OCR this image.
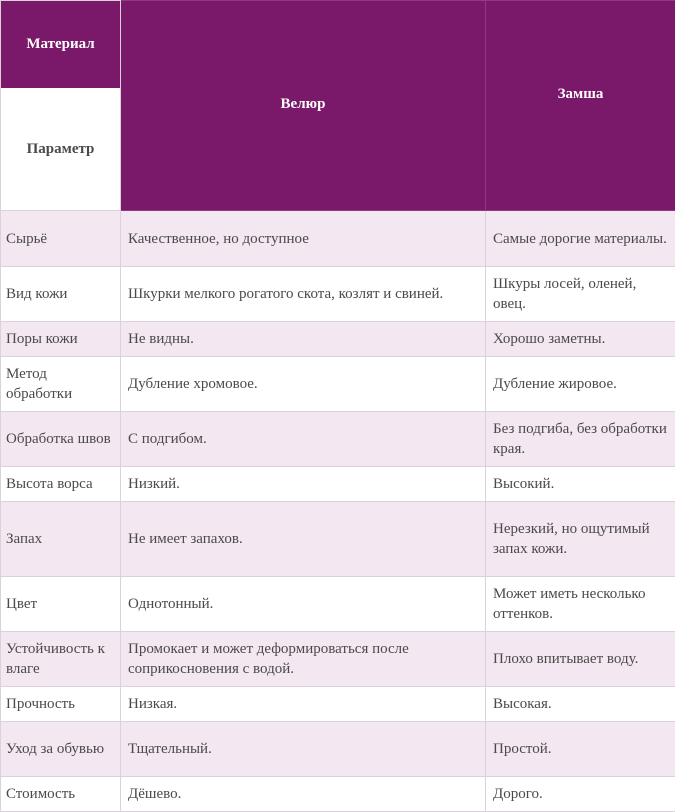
Материал
Параметр	Велюр	Замша
Сырьё	Качественное, но доступное	Самые дорогие материалы.
Вид кожи	Шкурки мелкого рогатого скота, козлят и свиней.	Шкуры лосей, оленей, овец.
Поры кожи	Не видны.	Хорошо заметны.
Метод обработки	Дубление хромовое.	Дубление жировое.
Обработка швов	С подгибом.	Без подгиба, без обработки края.
Высота ворса	Низкий.	Высокий.
Запах	Не имеет запахов.	Нерезкий, но ощутимый запах кожи.
Цвет	Однотонный.	Может иметь несколько оттенков.
Устойчивость к влаге	Промокает и может деформироваться после соприкосновения с водой.	Плохо впитывает воду.
Прочность	Низкая.	Высокая.
Уход за обувью	Тщательный.	Простой.
Стоимость	Дёшево.	Дорого.
